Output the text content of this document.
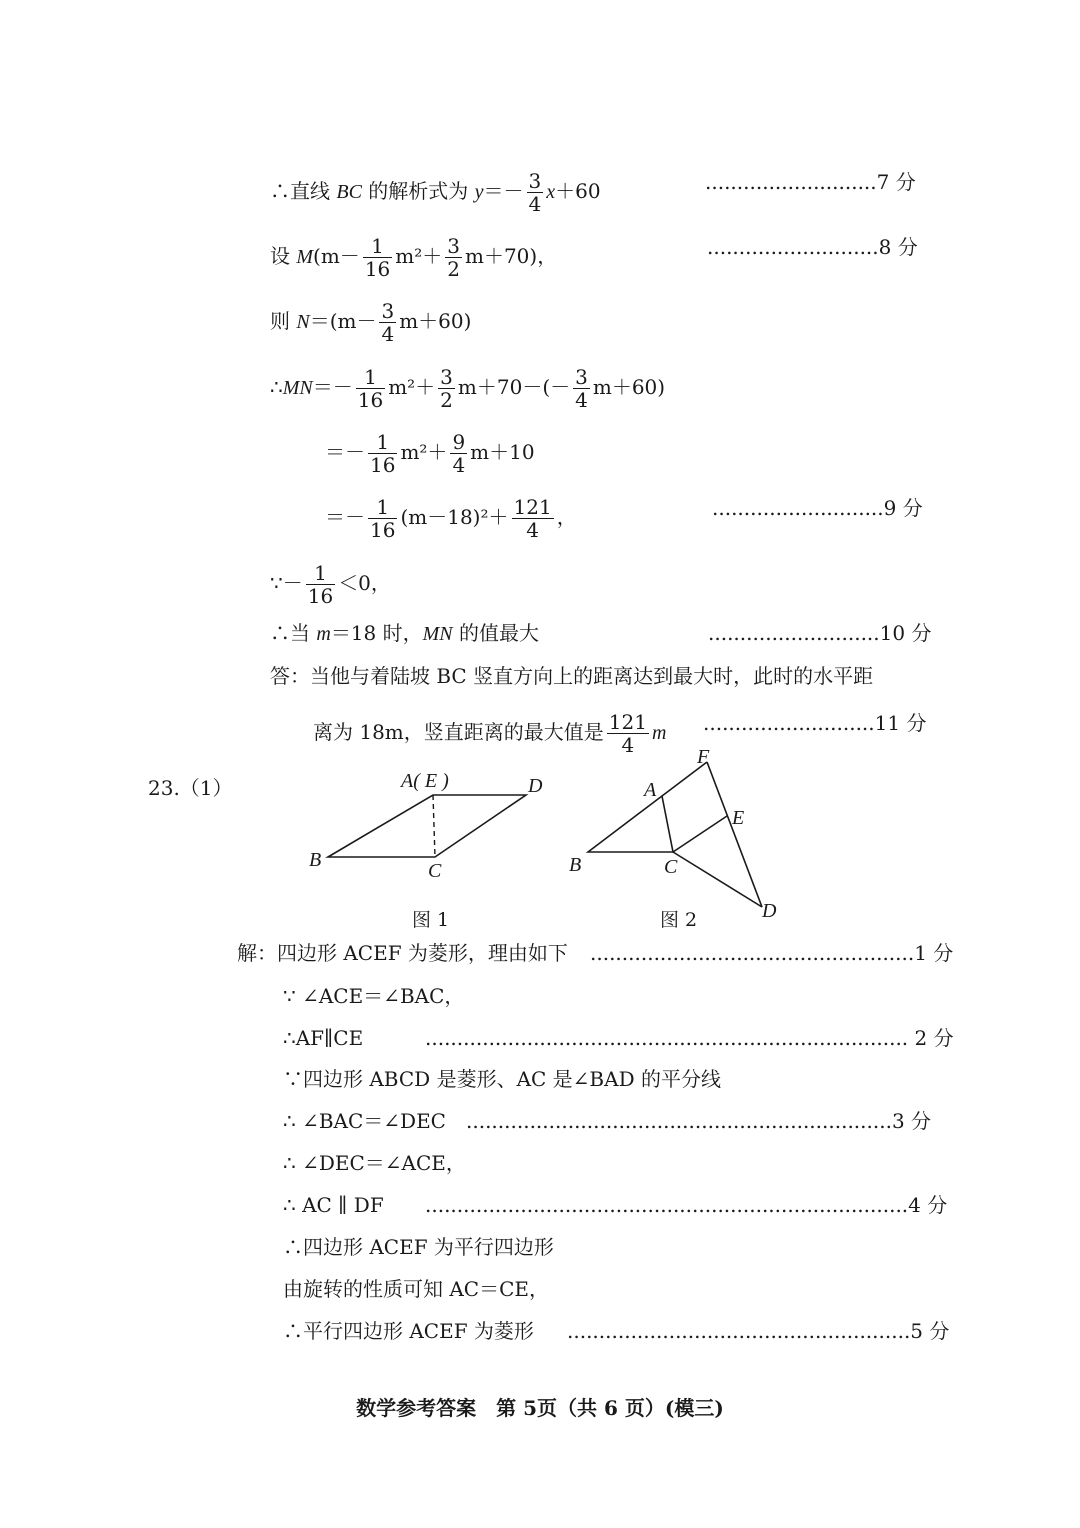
∴直线 BC 的解析式为 $y=- \frac{3}{4} x+60$	...........................7 分
设 $M(m- \frac{1}{16} m^2+ \frac{3}{2} m+70)$，	...........................8 分
则 $N=(m- \frac{3}{4} m+60)$
∴MN＝－ $\frac{1}{16} m^2+ \frac{3}{2} m+70-(- \frac{3}{4} m+60)$
＝－ $\frac{1}{16} m^2+ \frac{9}{4} m+10$
＝－ $\frac{1}{16} (m-18)^2+ \frac{121}{4}$ ，	...........................9 分
∵－ $\frac{1}{16} <0$，
∴当 m＝18 时，MN 的值最大	...........................10 分
答：当他与着陆坡 BC 竖直方向上的距离达到最大时，此时的水平距
离为 18m，竖直距离的最大值是 $\frac{121}{4}$ m ...........................11 分
23.（1）	A( E )	D
B	C
图 1
F
A
E
B	C
D
图 2
解：四边形 ACEF 为菱形，理由如下 ...................................................1 分
∵ ∠ACE＝∠BAC，
∴AF∥CE	............................................................................ 2 分
∵四边形 ABCD 是菱形、AC 是∠BAD 的平分线
∴ ∠BAC＝∠DEC ...................................................................3 分
∴ ∠DEC＝∠ACE，
∴ AC ∥ DF ............................................................................4 分
∴四边形 ACEF 为平行四边形
由旋转的性质可知 AC＝CE，
∴平行四边形 ACEF 为菱形 ......................................................5 分
数学参考答案　第 5页（共 6 页）(模三)
